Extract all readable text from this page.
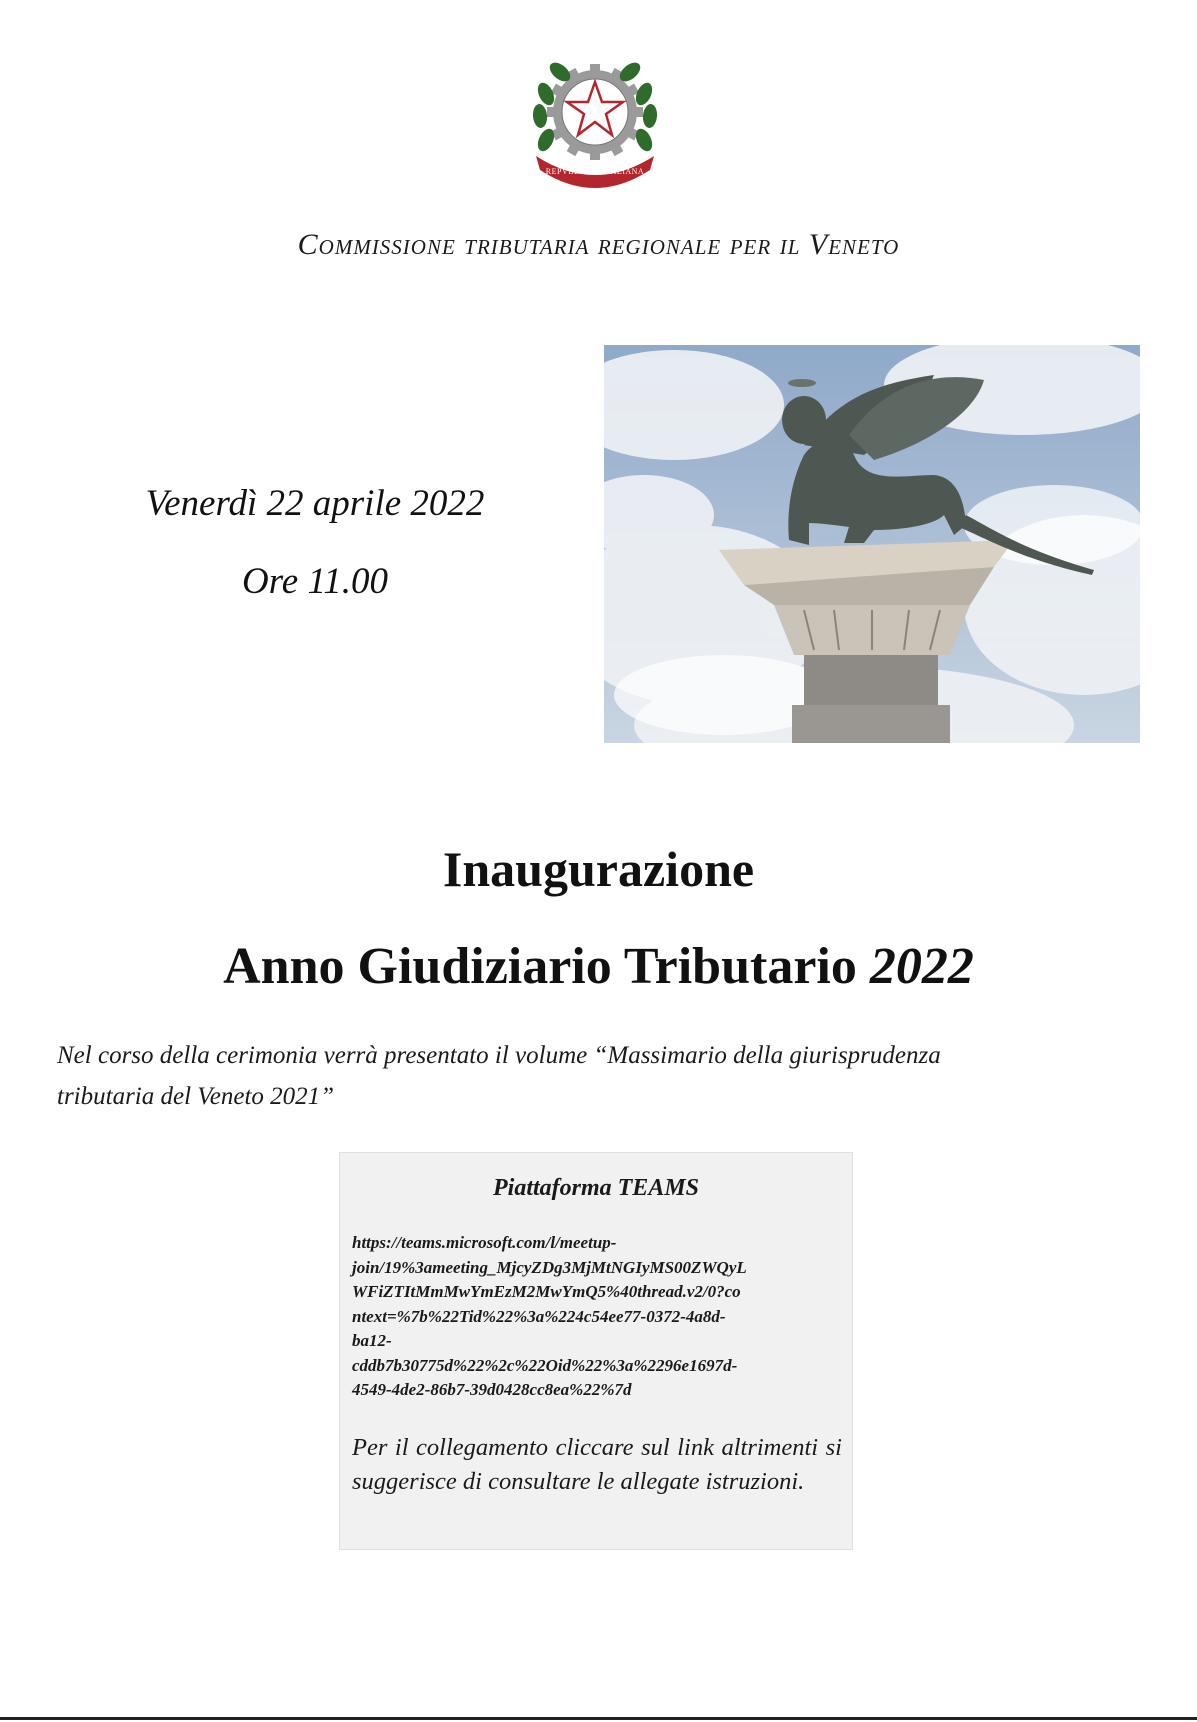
REPVBBLICA ITALIANA
Commissione tributaria regionale per il Veneto
Venerdì 22 aprile 2022
Ore 11.00
Inaugurazione
Anno Giudiziario Tributario 2022
Nel corso della cerimonia verrà presentato il volume “Massimario della giurisprudenza
tributaria del Veneto 2021”
Piattaforma TEAMS
https://teams.microsoft.com/l/meetup-
join/19%3ameeting_MjcyZDg3MjMtNGIyMS00ZWQyL
WFiZTItMmMwYmEzM2MwYmQ5%40thread.v2/0?co
ntext=%7b%22Tid%22%3a%224c54ee77-0372-4a8d-
ba12-
cddb7b30775d%22%2c%22Oid%22%3a%2296e1697d-
4549-4de2-86b7-39d0428cc8ea%22%7d
Per il collegamento cliccare sul link altrimenti si suggerisce di consultare le allegate istruzioni.
